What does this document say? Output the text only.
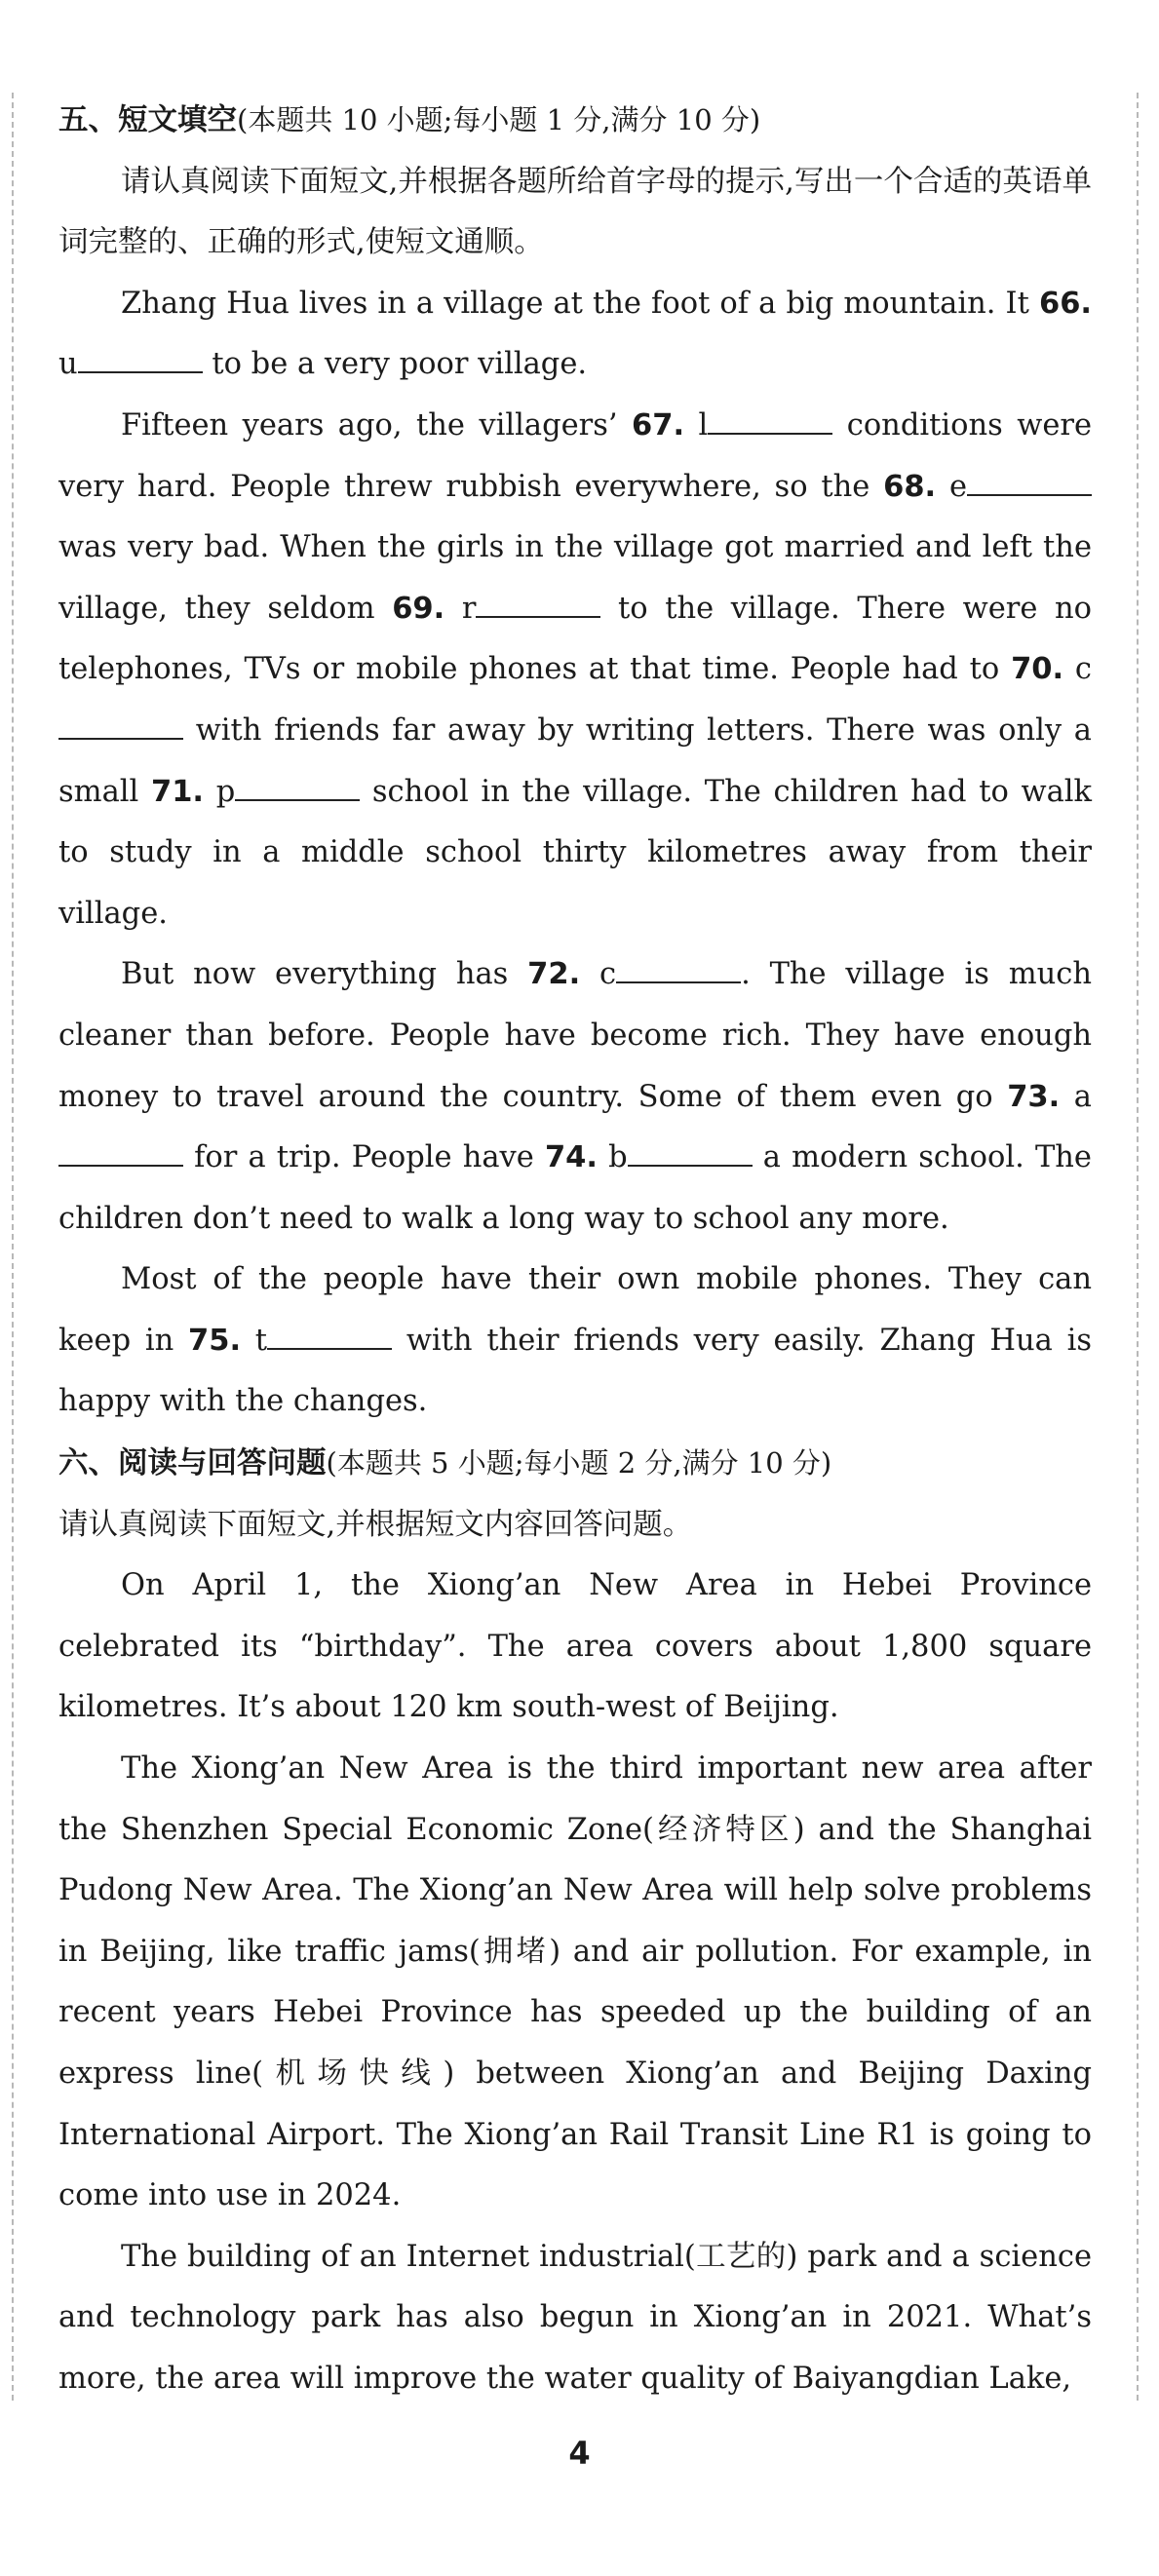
五、短文填空(本题共 10 小题;每小题 1 分,满分 10 分)

请认真阅读下面短文,并根据各题所给首字母的提示,写出一个合适的英语单词完整的、正确的形式,使短文通顺。

Zhang Hua lives in a village at the foot of a big mountain. It 66. u	to be a very poor village.

Fifteen years ago, the villagers’ 67. l	conditions were very hard. People threw rubbish everywhere, so the 68. e was very bad. When the girls in the village got married and left the village, they seldom 69. r	to the village. There were no telephones, TVs or mobile phones at that time. People had to 70. c with friends far away by writing letters. There was only a small 71. p	school in the village. The children had to walk to study in a middle school thirty kilometres away from their village.

But now everything has 72. c	. The village is much cleaner than before. People have become rich. They have enough money to travel around the country. Some of them even go 73. a for a trip. People have 74. b	a modern school. The children don’t need to walk a long way to school any more.

Most of the people have their own mobile phones. They can keep in 75. t	with their friends very easily. Zhang Hua is happy with the changes.

六、阅读与回答问题(本题共 5 小题;每小题 2 分,满分 10 分)

请认真阅读下面短文,并根据短文内容回答问题。

On April 1, the Xiong’an New Area in Hebei Province celebrated its “birthday”. The area covers about 1,800 square kilometres. It’s about 120 km south-west of Beijing.

The Xiong’an New Area is the third important new area after the Shenzhen Special Economic Zone(经济特区) and the Shanghai Pudong New Area. The Xiong’an New Area will help solve problems in Beijing, like traffic jams(拥堵) and air pollution. For example, in recent years Hebei Province has speeded up the building of an express line(机场快线) between Xiong’an and Beijing Daxing International Airport. The Xiong’an Rail Transit Line R1 is going to come into use in 2024.

The building of an Internet industrial(工艺的) park and a science and technology park has also begun in Xiong’an in 2021. What’s more, the area will improve the water quality of Baiyangdian Lake,

4
